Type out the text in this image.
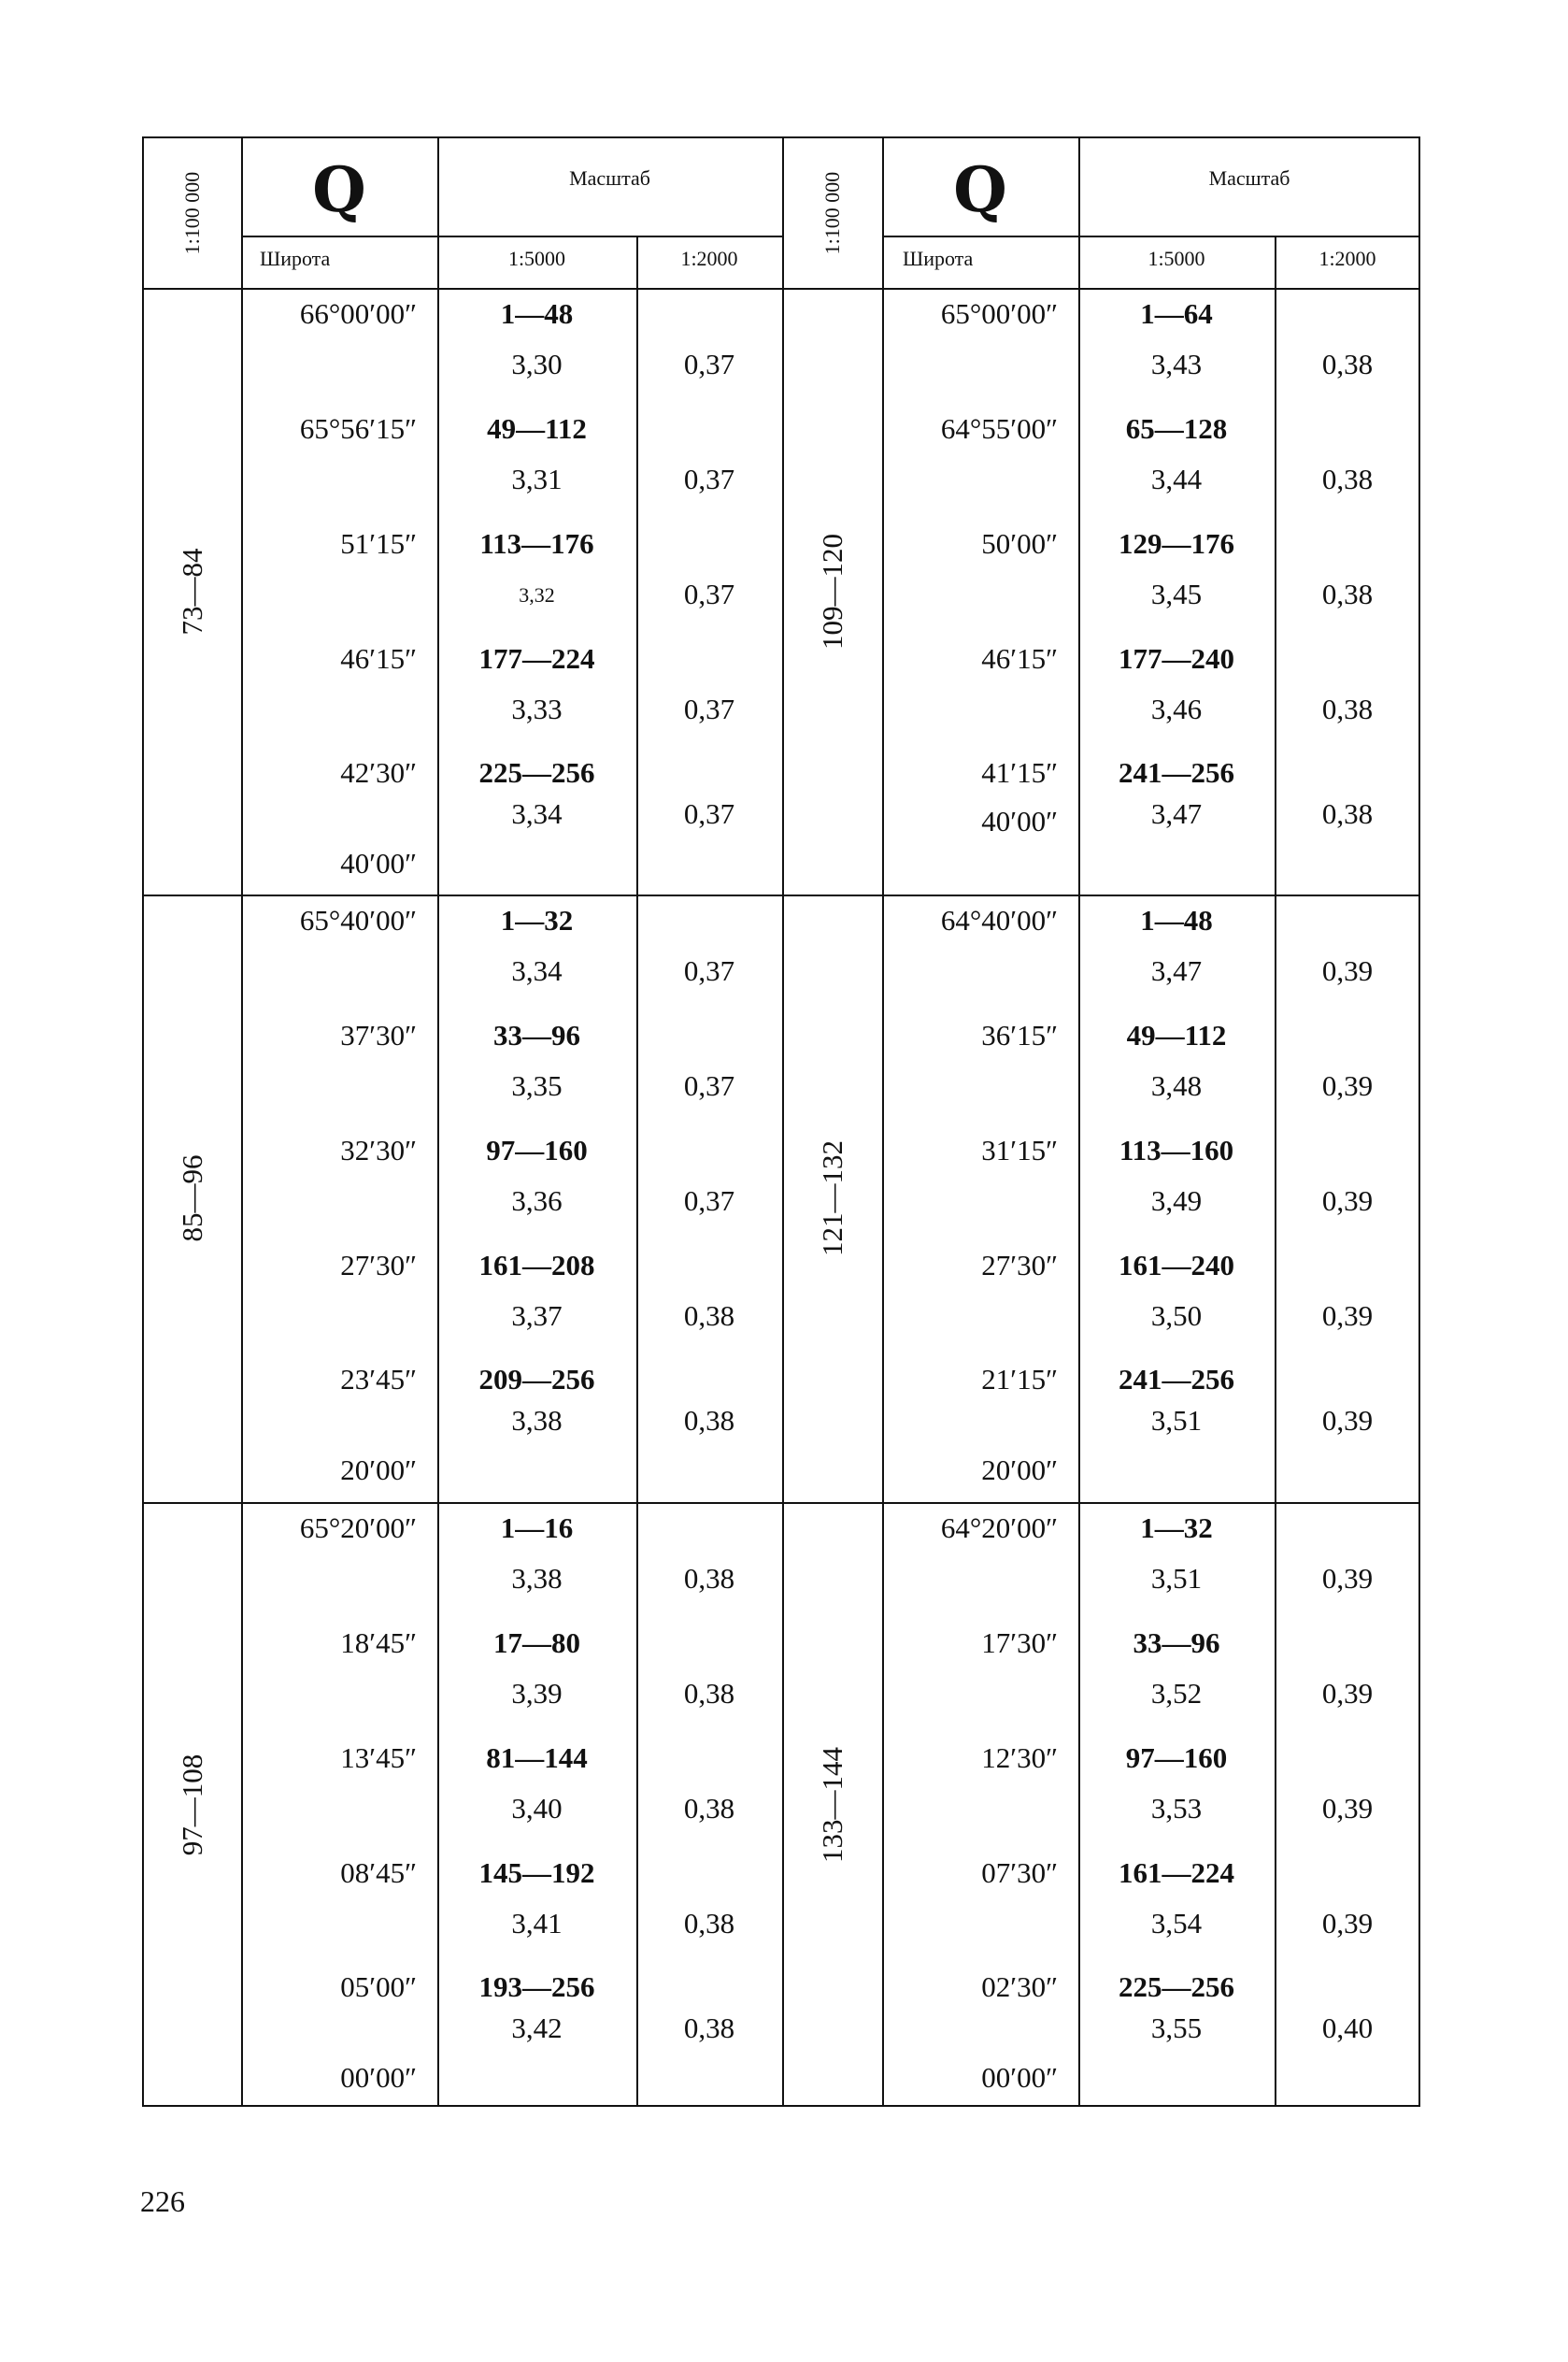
1:100 000	Q	Масштаб
Широта	1:5000	1:2000
1:100 000	Q	Масштаб
Широта	1:5000	1:2000
73—84
66°00′00″	1—48
3,30	0,37
65°56′15″	49—112
3,31	0,37
51′15″	113—176
3,32	0,37
46′15″	177—224
3,33	0,37
42′30″	225—256
3,34	0,37
40′00″
85—96
65°40′00″	1—32
3,34	0,37
37′30″	33—96
3,35	0,37
32′30″	97—160
3,36	0,37
27′30″	161—208
3,37	0,38
23′45″	209—256
3,38	0,38
20′00″
97—108
65°20′00″	1—16
3,38	0,38
18′45″	17—80
3,39	0,38
13′45″	81—144
3,40	0,38
08′45″	145—192
3,41	0,38
05′00″	193—256
3,42	0,38
00′00″
109—120
65°00′00″	1—64
3,43	0,38
64°55′00″	65—128
3,44	0,38
50′00″	129—176
3,45	0,38
46′15″	177—240
3,46	0,38
41′15″	241—256
3,47	0,38
40′00″
121—132
64°40′00″	1—48
3,47	0,39
36′15″	49—112
3,48	0,39
31′15″	113—160
3,49	0,39
27′30″	161—240
3,50	0,39
21′15″	241—256
3,51	0,39
20′00″
133—144
64°20′00″	1—32
3,51	0,39
17′30″	33—96
3,52	0,39
12′30″	97—160
3,53	0,39
07′30″	161—224
3,54	0,39
02′30″	225—256
3,55	0,40
00′00″
226
